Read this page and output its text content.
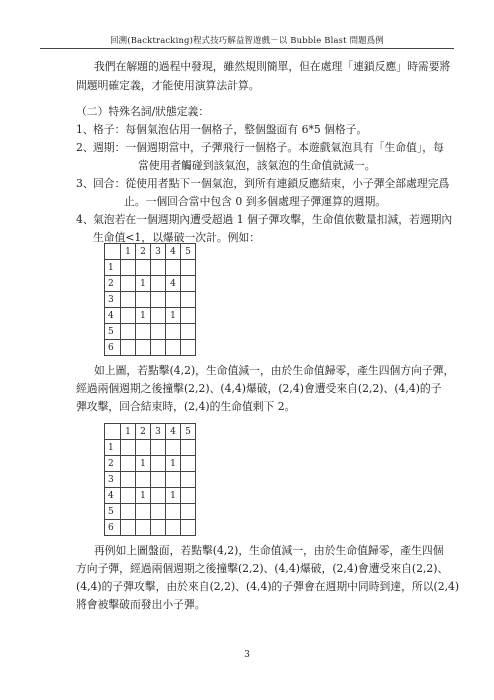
回溯(Backtracking)程式技巧解益智遊戲－以 Bubble Blast 問題爲例
我們在解題的過程中發現，雖然規則簡單，但在處理「連鎖反應」時需要將
問題明確定義，才能使用演算法計算。
（二）特殊名詞/狀態定義：
1、 格子：每個氣泡佔用一個格子，整個盤面有 6*5 個格子。
2、 週期：一個週期當中，子彈飛行一個格子。本遊戲氣泡具有「生命值」，每
當使用者觸碰到該氣泡，該氣泡的生命值就減一。
3、 回合：從使用者點下一個氣泡，到所有連鎖反應結束，小子彈全部處理完爲
止。一個回合當中包含 0 到多個處理子彈運算的週期。
4、 氣泡若在一個週期內遭受超過 1 個子彈攻擊，生命值依數量扣減，若週期內
生命值<1，以爆破一次計。例如：
	1	2	3	4	5
1					
2		1		4	
3					
4		1		1	
5					
6					
如上圖，若點擊(4,2)，生命值減一，由於生命值歸零，產生四個方向子彈，
經過兩個週期之後撞擊(2,2)、(4,4)爆破，(2,4)會遭受來自(2,2)、(4,4)的子
彈攻擊，回合結束時，(2,4)的生命值剩下 2。
	1	2	3	4	5
1					
2		1		1	
3					
4		1		1	
5					
6					
再例如上圖盤面，若點擊(4,2)，生命值減一，由於生命值歸零，產生四個
方向子彈，經過兩個週期之後撞擊(2,2)、(4,4)爆破，(2,4)會遭受來自(2,2)、
(4,4)的子彈攻擊，由於來自(2,2)、(4,4)的子彈會在週期中同時到達，所以(2,4)
將會被擊破而發出小子彈。
3
